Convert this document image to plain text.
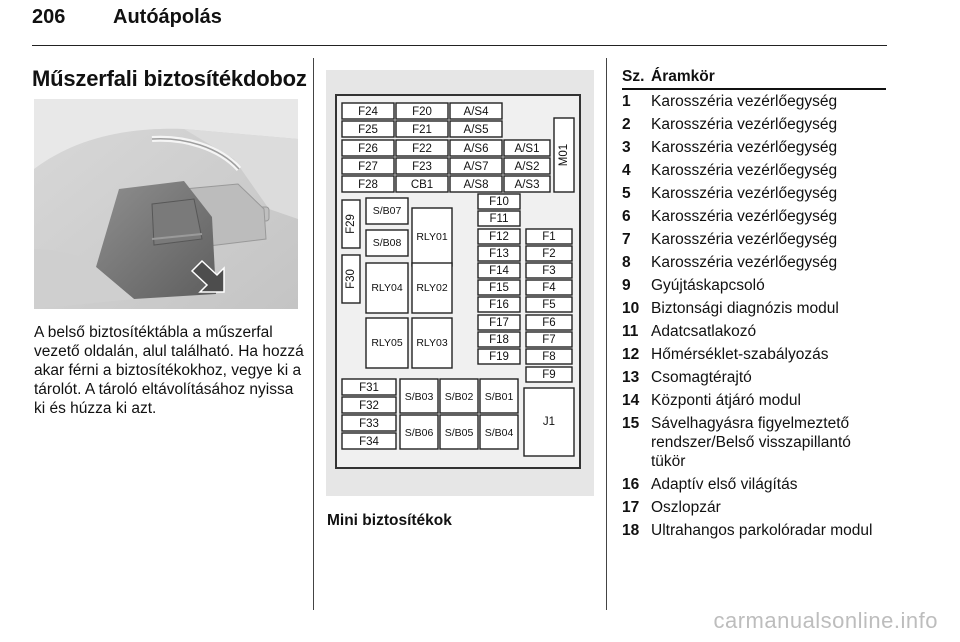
206 Autóápolás
Műszerfali biztosítékdoboz

A belső biztosítéktábla a műszerfal vezető oldalán, alul található. Ha hozzá akar férni a biztosítékokhoz, vegye ki a tárolót. A tároló eltávolításához nyissa ki és húzza ki azt.

F24	F20	A/S4
F25	F21	A/S5
F26	F22	A/S6 A/S1
F27	F23	A/S7 A/S2
F28	CB1	A/S8 A/S3
M01
F29
F30
S/B07
S/B08 RLY01
RLY04 RLY02
RLY05 RLY03
F10
F11
F12
F13
F14
F15
F16
F17
F18
F19
F1
F2
F3
F4
F5
F6
F7
F8
F9
F31
F32
F33
F34
S/B03 S/B02 S/B01
S/B06 S/B05 S/B04
J1
Mini biztosítékok
Sz. Áramkör
1	Karosszéria vezérlőegység
2	Karosszéria vezérlőegység
3	Karosszéria vezérlőegység
4	Karosszéria vezérlőegység
5	Karosszéria vezérlőegység
6	Karosszéria vezérlőegység
7	Karosszéria vezérlőegység
8	Karosszéria vezérlőegység
9	Gyújtáskapcsoló
10 Biztonsági diagnózis modul
11 Adatcsatlakozó
12 Hőmérséklet-szabályozás
13 Csomagtérajtó
14 Központi átjáró modul
15 Sávelhagyásra figyelmeztető rendszer/Belső visszapillantó tükör
16 Adaptív első világítás
17 Oszlopzár
18 Ultrahangos parkolóradar modul
carmanualsonline.info
